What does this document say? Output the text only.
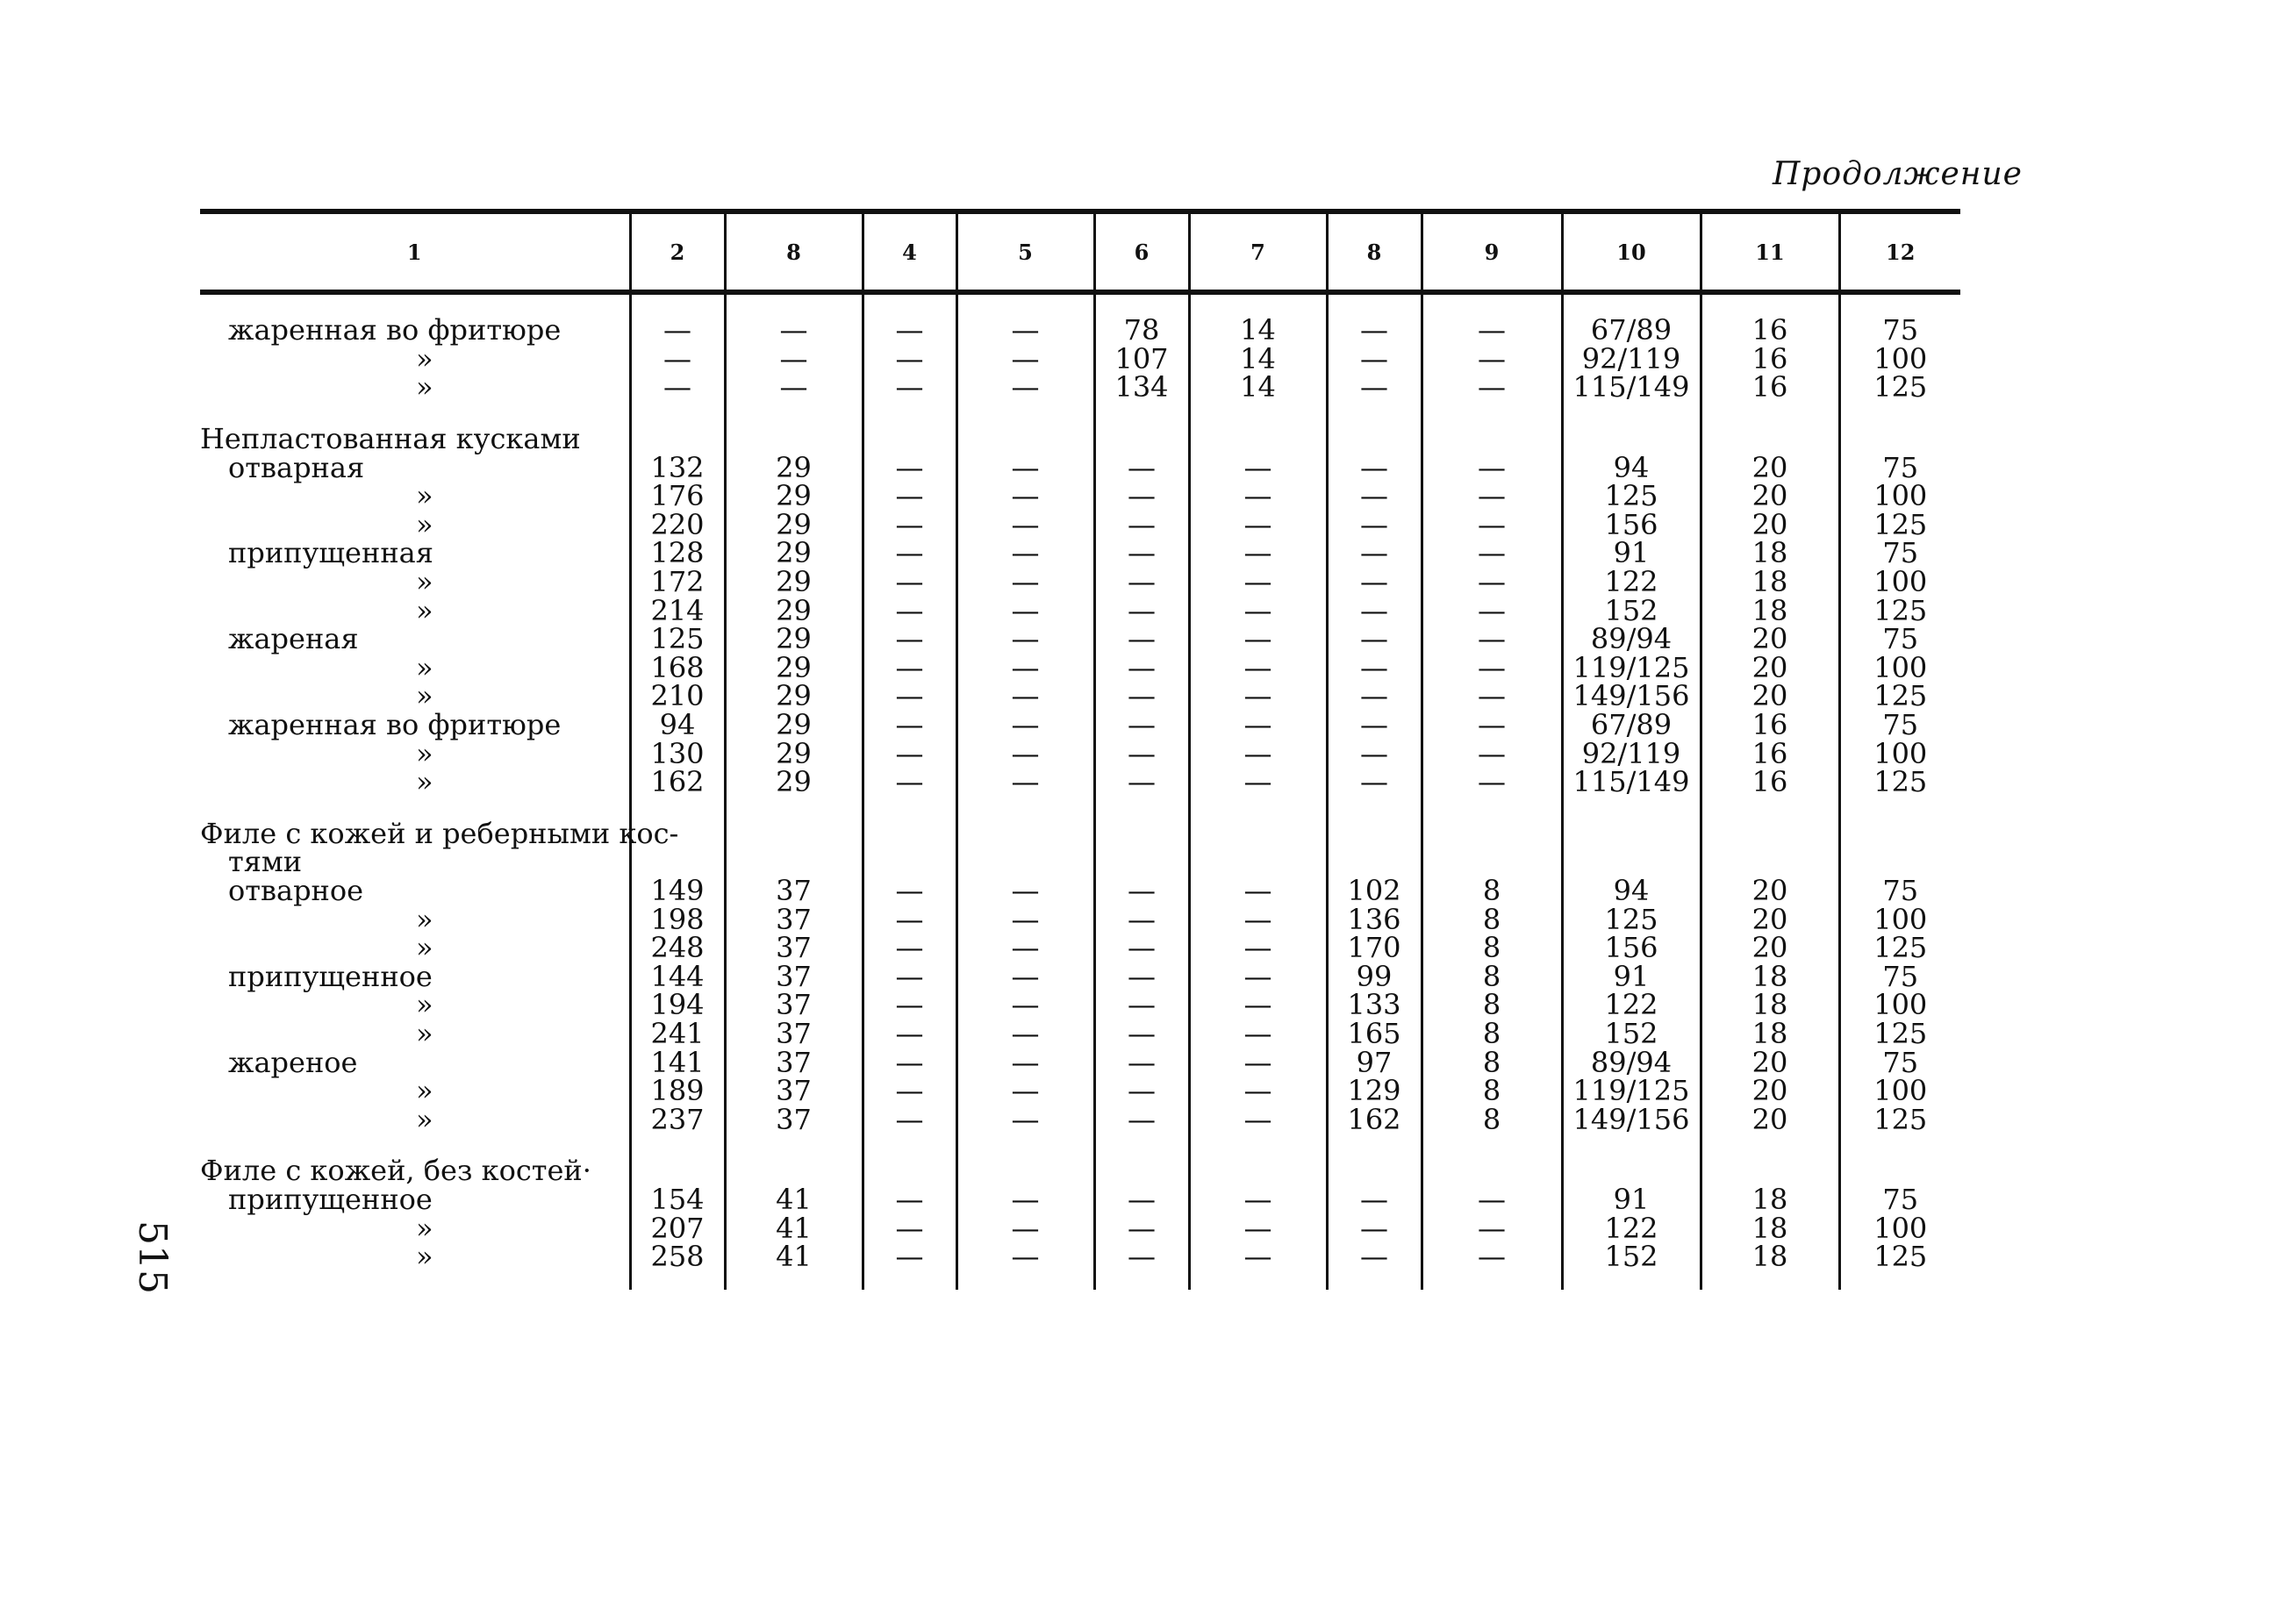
Продолжение
515
1	2	8	4	5	6	7	8	9	10	11	12
жаренная во фритюре	—	—	—	—	78	14	—	—	67/89	16	75
»	—	—	—	—	107	14	—	—	92/119	16	100
»	—	—	—	—	134	14	—	—	115/149	16	125

Непластованная кусками											
отварная	132	29	—	—	—	—	—	—	94	20	75
»	176	29	—	—	—	—	—	—	125	20	100
»	220	29	—	—	—	—	—	—	156	20	125
припущенная	128	29	—	—	—	—	—	—	91	18	75
»	172	29	—	—	—	—	—	—	122	18	100
»	214	29	—	—	—	—	—	—	152	18	125
жареная	125	29	—	—	—	—	—	—	89/94	20	75
»	168	29	—	—	—	—	—	—	119/125	20	100
»	210	29	—	—	—	—	—	—	149/156	20	125
жаренная во фритюре	94	29	—	—	—	—	—	—	67/89	16	75
»	130	29	—	—	—	—	—	—	92/119	16	100
»	162	29	—	—	—	—	—	—	115/149	16	125

Филе с кожей и реберными кос-											
тями											
отварное	149	37	—	—	—	—	102	8	94	20	75
»	198	37	—	—	—	—	136	8	125	20	100
»	248	37	—	—	—	—	170	8	156	20	125
припущенное	144	37	—	—	—	—	99	8	91	18	75
»	194	37	—	—	—	—	133	8	122	18	100
»	241	37	—	—	—	—	165	8	152	18	125
жареное	141	37	—	—	—	—	97	8	89/94	20	75
»	189	37	—	—	—	—	129	8	119/125	20	100
»	237	37	—	—	—	—	162	8	149/156	20	125

Филе с кожей, без костей·											
припущенное	154	41	—	—	—	—	—	—	91	18	75
»	207	41	—	—	—	—	—	—	122	18	100
»	258	41	—	—	—	—	—	—	152	18	125
